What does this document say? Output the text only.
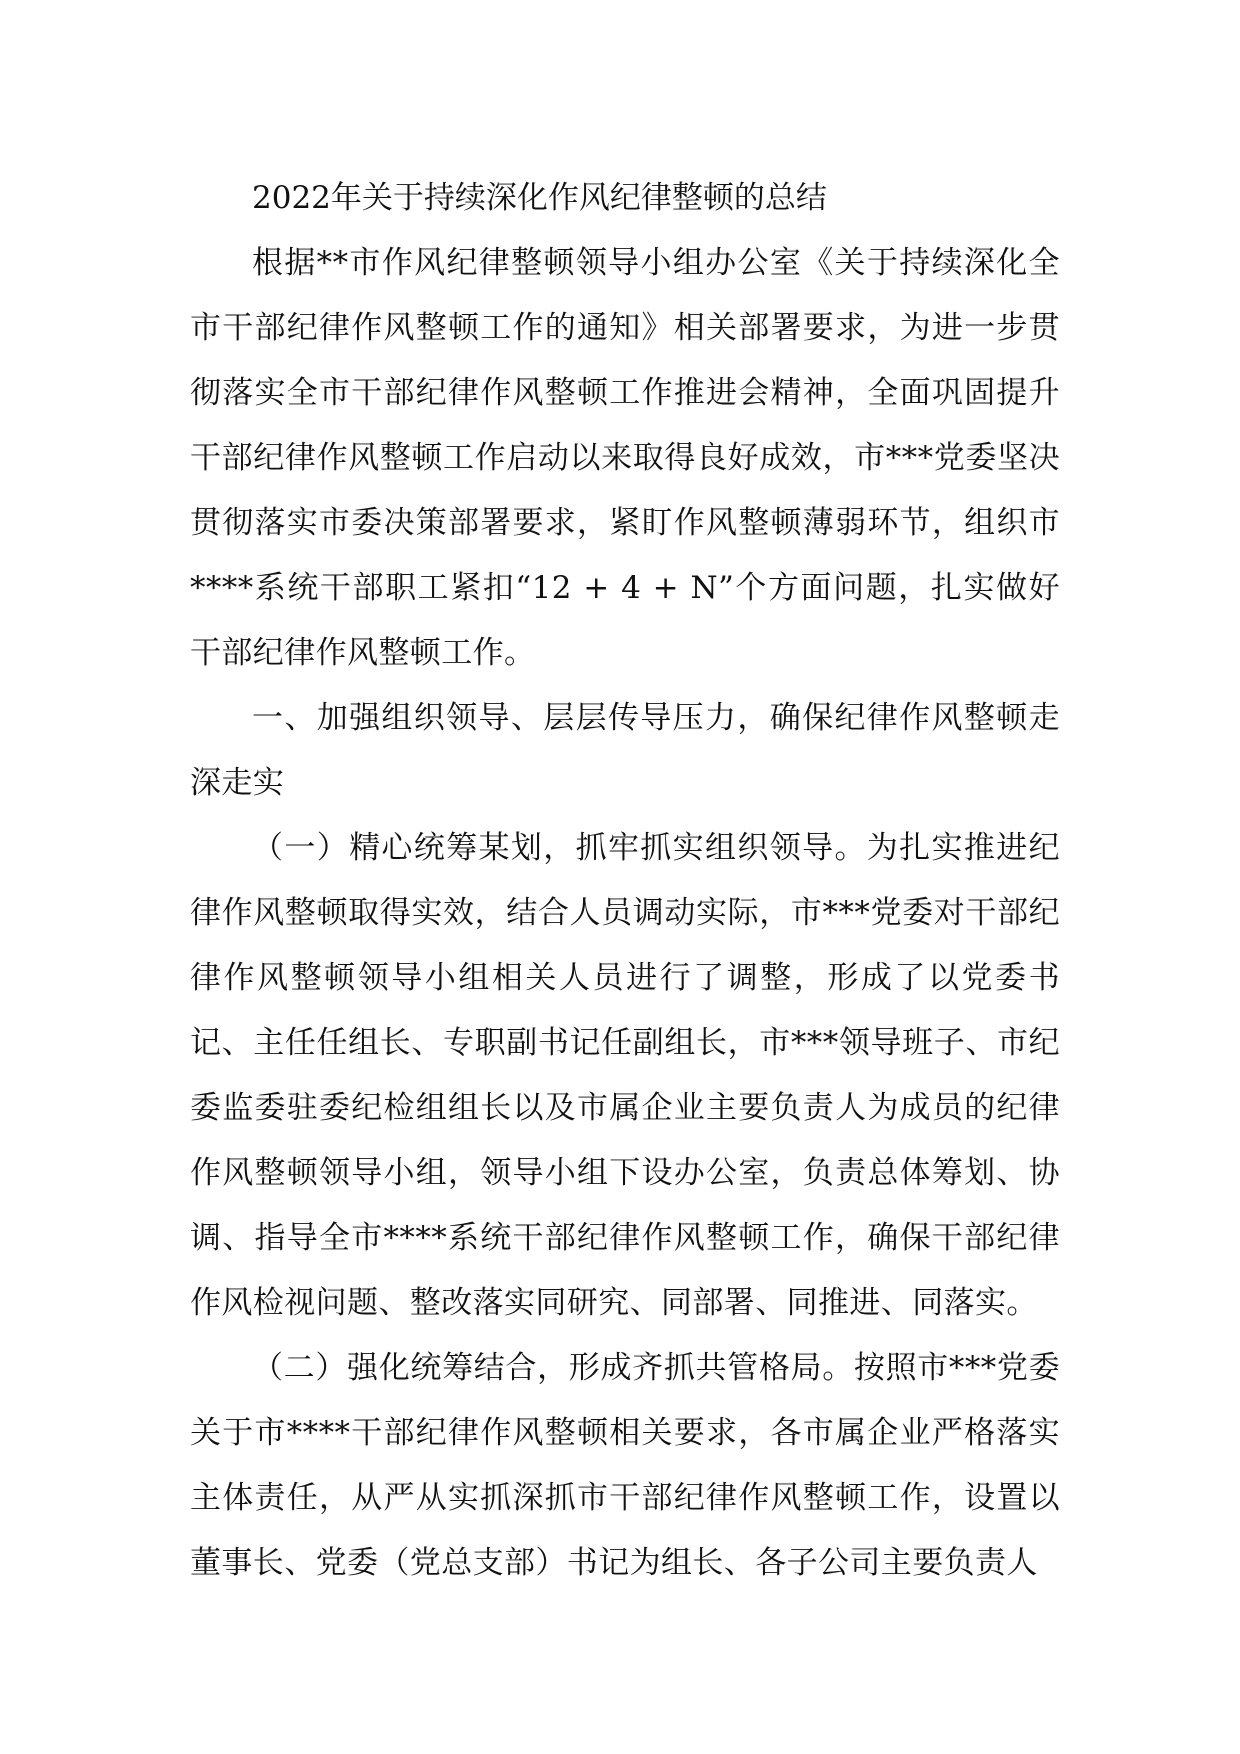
2022年关于持续深化作风纪律整顿的总结

根据**市作风纪律整顿领导小组办公室《关于持续深化全市干部纪律作风整顿工作的通知》相关部署要求，为进一步贯彻落实全市干部纪律作风整顿工作推进会精神，全面巩固提升干部纪律作风整顿工作启动以来取得良好成效，市***党委坚决贯彻落实市委决策部署要求，紧盯作风整顿薄弱环节，组织市****系统干部职工紧扣“12 + 4 + N”个方面问题，扎实做好干部纪律作风整顿工作。

一、加强组织领导、层层传导压力，确保纪律作风整顿走深走实

（一）精心统筹某划，抓牢抓实组织领导。为扎实推进纪律作风整顿取得实效，结合人员调动实际，市***党委对干部纪律作风整顿领导小组相关人员进行了调整，形成了以党委书记、主任任组长、专职副书记任副组长，市***领导班子、市纪委监委驻委纪检组组长以及市属企业主要负责人为成员的纪律作风整顿领导小组，领导小组下设办公室，负责总体筹划、协调、指导全市****系统干部纪律作风整顿工作，确保干部纪律作风检视问题、整改落实同研究、同部署、同推进、同落实。

（二）强化统筹结合，形成齐抓共管格局。按照市***党委关于市****干部纪律作风整顿相关要求，各市属企业严格落实主体责任，从严从实抓深抓市干部纪律作风整顿工作，设置以董事长、党委（党总支部）书记为组长、各子公司主要负责人
